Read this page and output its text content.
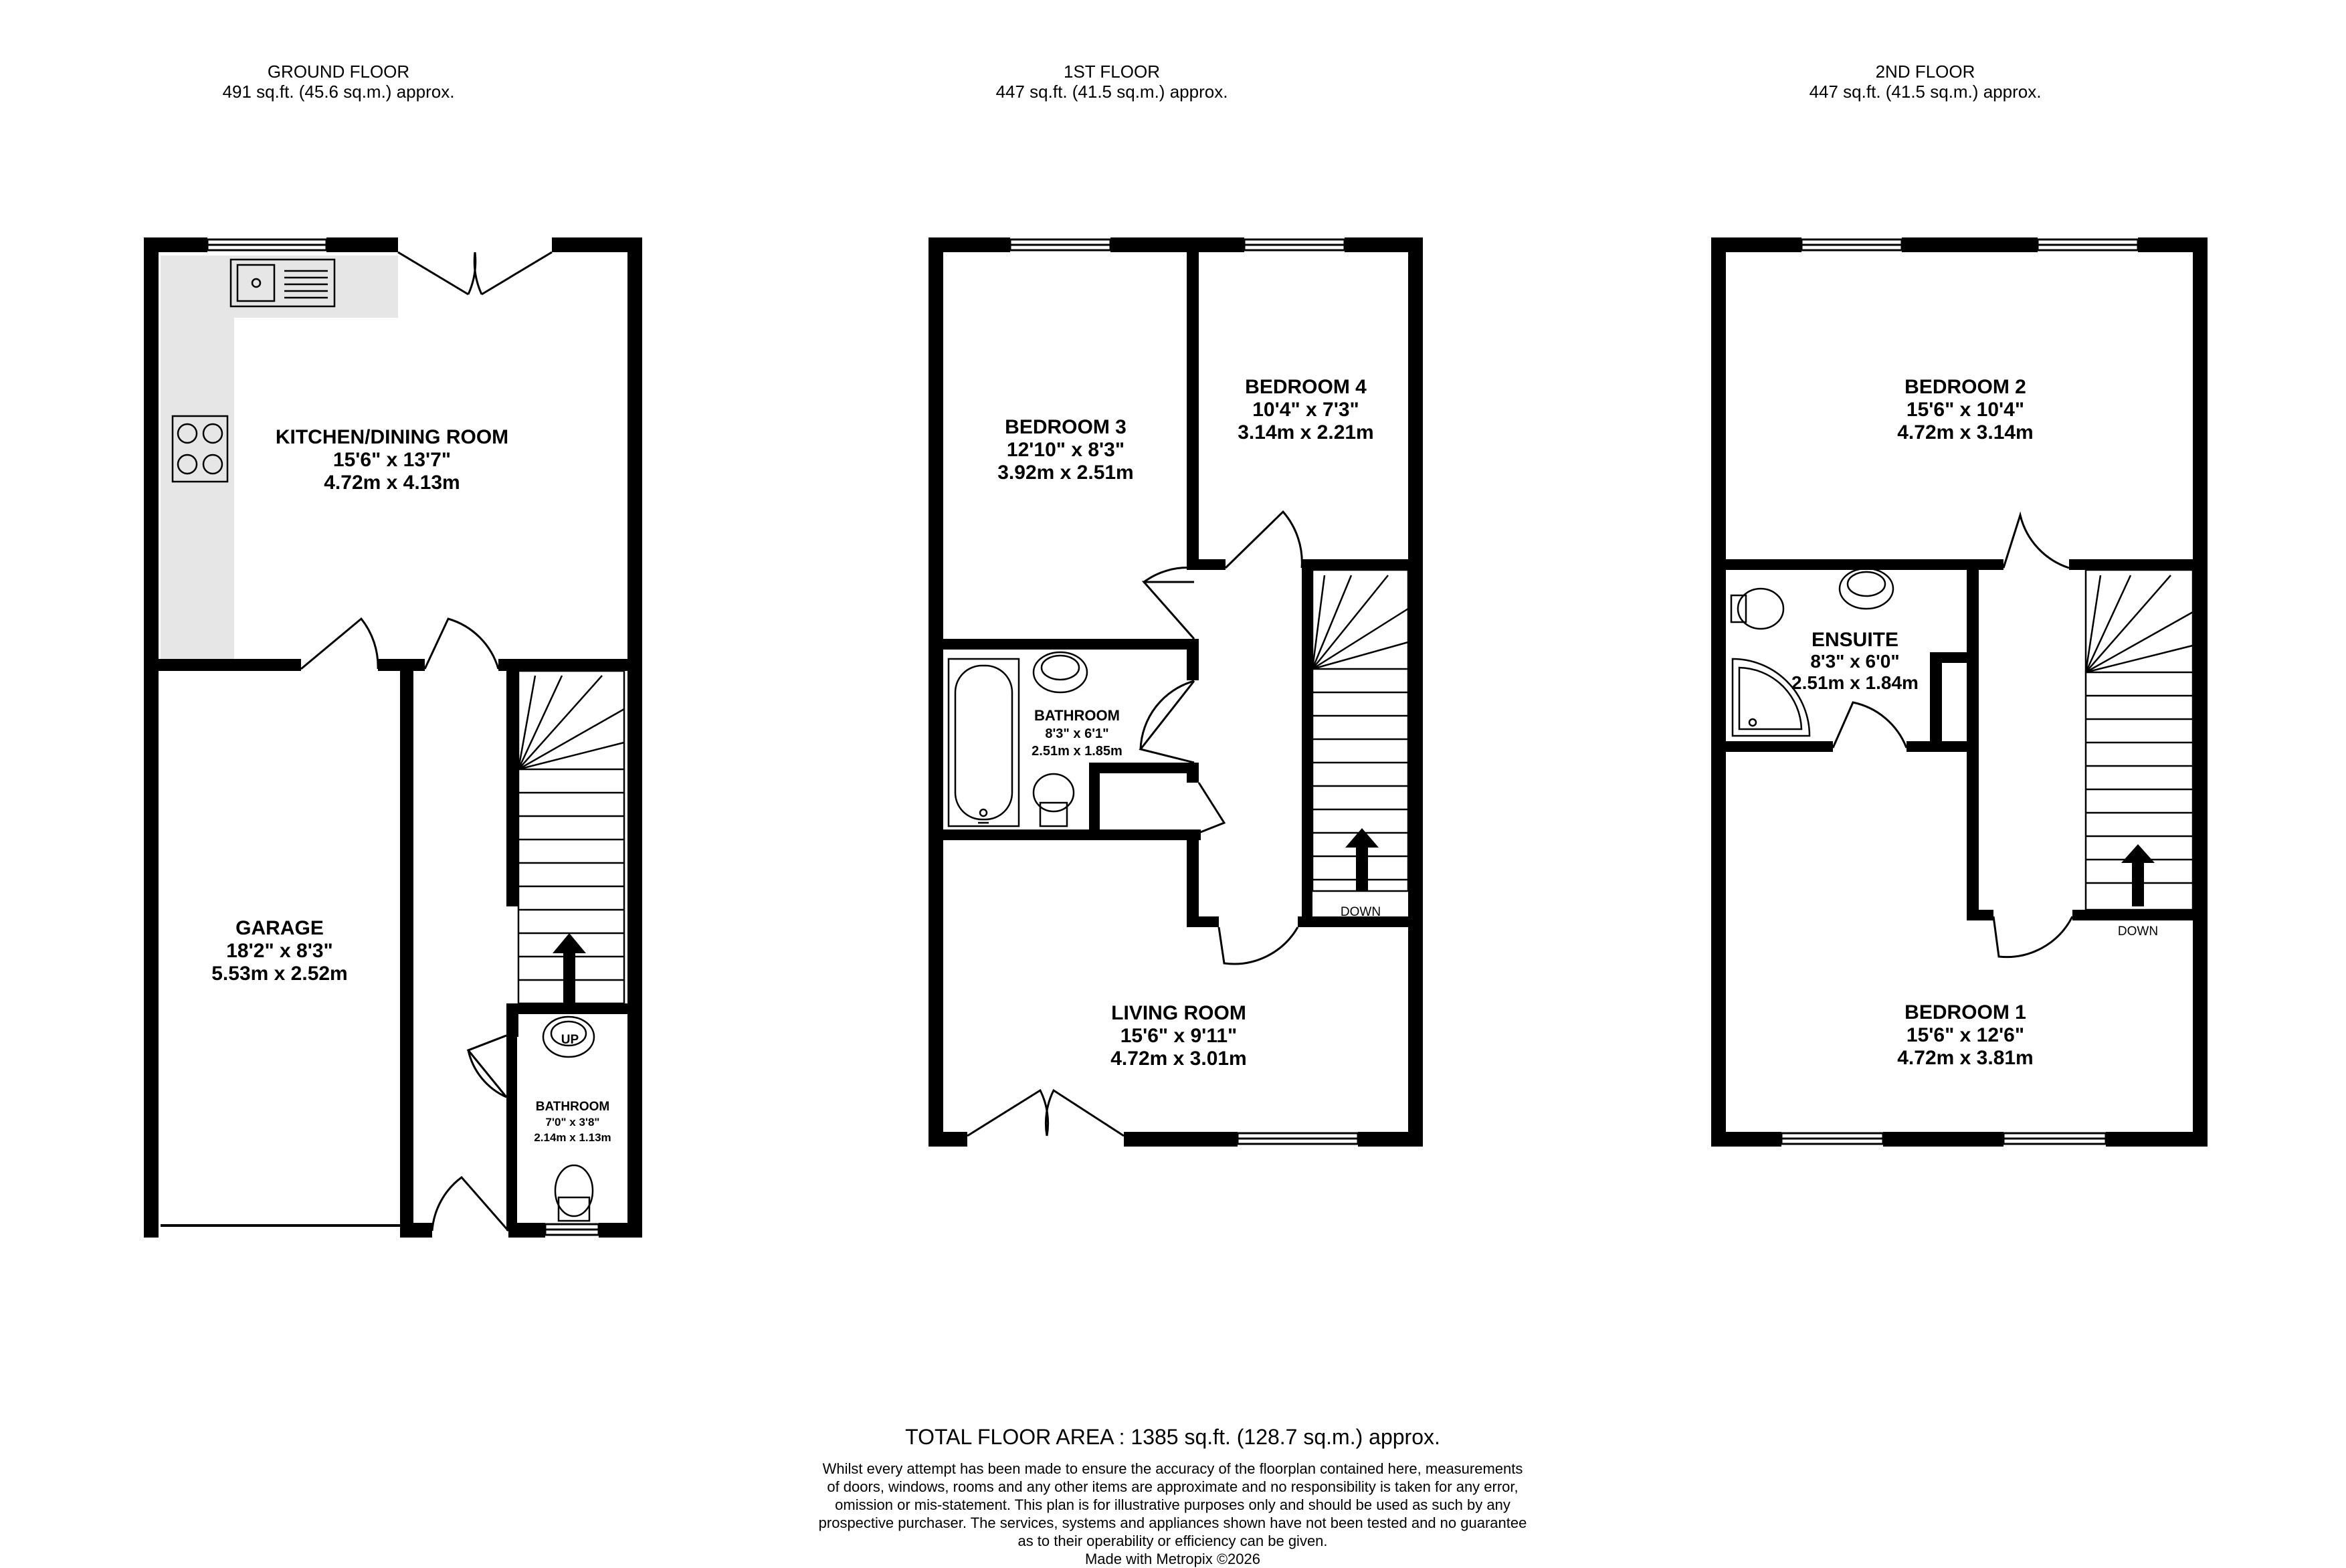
GROUND FLOOR
491 sq.ft. (45.6 sq.m.) approx.
1ST FLOOR
447 sq.ft. (41.5 sq.m.) approx.
2ND FLOOR
447 sq.ft. (41.5 sq.m.) approx.
DOWN
DOWN
KITCHEN/DINING ROOM
15'6" x 13'7"
4.72m x 4.13m
GARAGE
18'2" x 8'3"
5.53m x 2.52m
BATHROOM
7'0" x 3'8"
2.14m x 1.13m
UP
BEDROOM 3
12'10" x 8'3"
3.92m x 2.51m
BEDROOM 4
10'4" x 7'3"
3.14m x 2.21m
BATHROOM
8'3" x 6'1"
2.51m x 1.85m
LIVING ROOM
15'6" x 9'11"
4.72m x 3.01m
BEDROOM 2
15'6" x 10'4"
4.72m x 3.14m
ENSUITE
8'3" x 6'0"
2.51m x 1.84m
BEDROOM 1
15'6" x 12'6"
4.72m x 3.81m
TOTAL FLOOR AREA : 1385 sq.ft. (128.7 sq.m.) approx.
Whilst every attempt has been made to ensure the accuracy of the floorplan contained here, measurements
of doors, windows, rooms and any other items are approximate and no responsibility is taken for any error,
omission or mis-statement. This plan is for illustrative purposes only and should be used as such by any
prospective purchaser. The services, systems and appliances shown have not been tested and no guarantee
as to their operability or efficiency can be given.
Made with Metropix ©2026
